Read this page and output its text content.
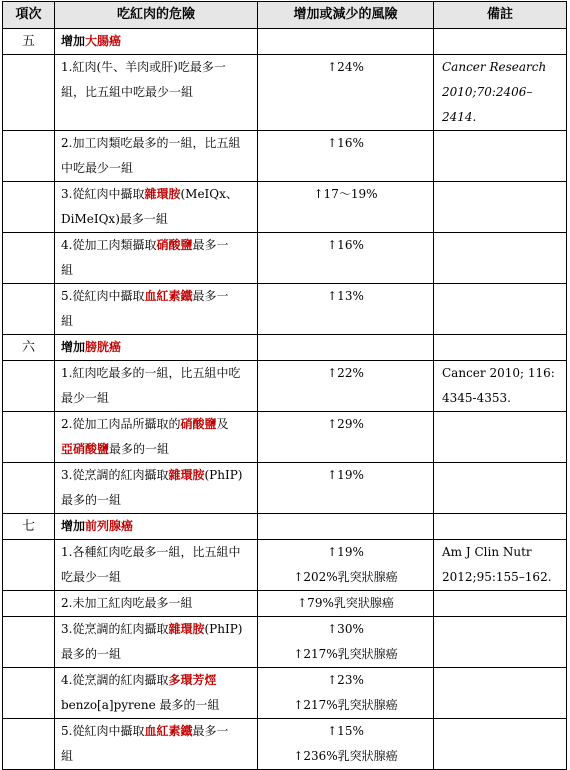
項次	吃紅肉的危險	增加或減少的風險	備註
五	增加大腸癌		

	1.紅肉(牛、羊肉或肝)吃最多一
組，比五組中吃最少一組	↑24%	Cancer Research
2010;70:2406–2414.

	2.加工肉類吃最多的一組，比五組
中吃最少一組	↑16%	

	3.從紅肉中攝取雜環胺(MeIQx、
DiMeIQx)最多一組	↑17～19%	

	4.從加工肉類攝取硝酸鹽最多一
組	↑16%	

	5.從紅肉中攝取血紅素鐵最多一
組	↑13%	

六	增加膀胱癌		

	1.紅肉吃最多的一組，比五組中吃
最少一組	↑22%	Cancer 2010; 116:
4345-4353.

	2.從加工肉品所攝取的硝酸鹽及
亞硝酸鹽最多的一組	↑29%	

	3.從烹調的紅肉攝取雜環胺(PhIP)
最多的一組	↑19%	

七	增加前列腺癌		

	1.各種紅肉吃最多一組，比五組中
吃最少一組	↑19%
↑202%乳突狀腺癌	Am J Clin Nutr
2012;95:155–162.

	2.未加工紅肉吃最多一組	↑79%乳突狀腺癌	

	3.從烹調的紅肉攝取雜環胺(PhIP)
最多的一組	↑30%
↑217%乳突狀腺癌	

	4.從烹調的紅肉攝取多環芳烴
benzo[a]pyrene 最多的一組	↑23%
↑217%乳突狀腺癌	

	5.從紅肉中攝取血紅素鐵最多一
組	↑15%
↑236%乳突狀腺癌	
